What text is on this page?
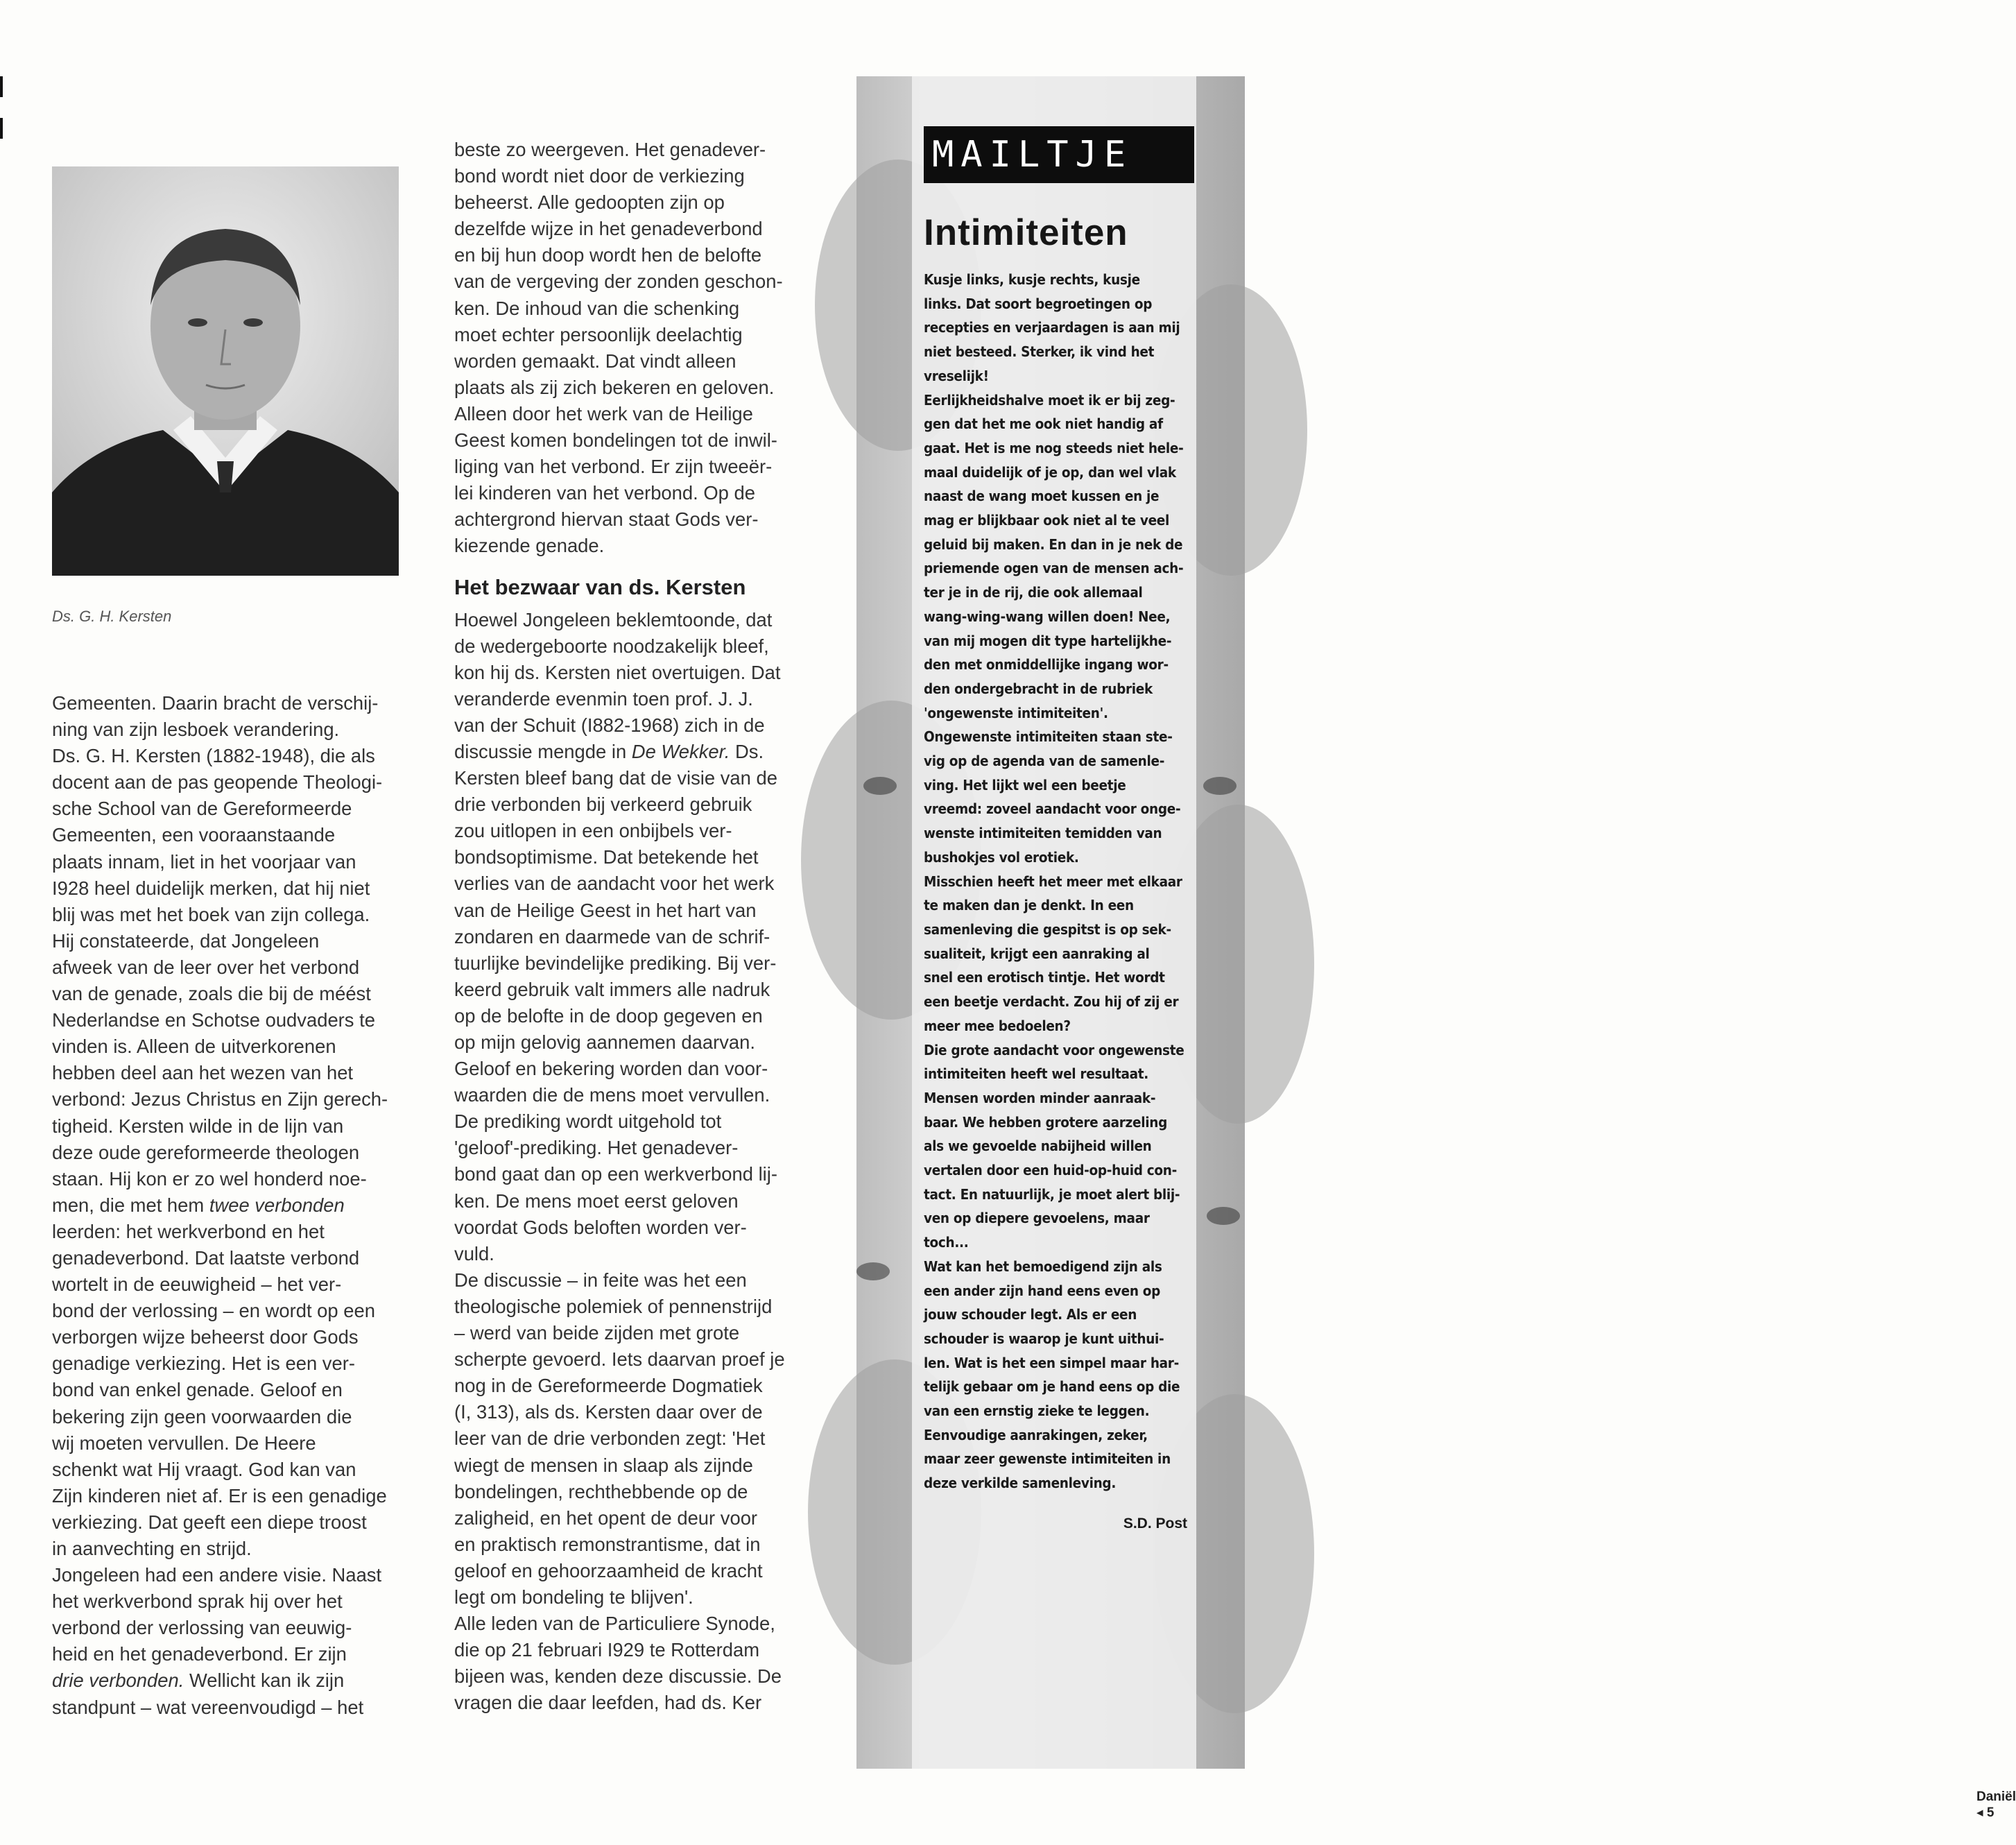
Ds. G. H. Kersten

Gemeenten. Daarin bracht de verschij-

ning van zijn lesboek verandering.

Ds. G. H. Kersten (1882-1948), die als

docent aan de pas geopende Theologi-

sche School van de Gereformeerde

Gemeenten, een vooraanstaande

plaats innam, liet in het voorjaar van

I928 heel duidelijk merken, dat hij niet

blij was met het boek van zijn collega.

Hij constateerde, dat Jongeleen

afweek van de leer over het verbond

van de genade, zoals die bij de méést

Nederlandse en Schotse oudvaders te

vinden is. Alleen de uitverkorenen

hebben deel aan het wezen van het

verbond: Jezus Christus en Zijn gerech-

tigheid. Kersten wilde in de lijn van

deze oude gereformeerde theologen

staan. Hij kon er zo wel honderd noe-

men, die met hem twee verbonden

leerden: het werkverbond en het

genadeverbond. Dat laatste verbond

wortelt in de eeuwigheid – het ver-

bond der verlossing – en wordt op een

verborgen wijze beheerst door Gods

genadige verkiezing. Het is een ver-

bond van enkel genade. Geloof en

bekering zijn geen voorwaarden die

wij moeten vervullen. De Heere

schenkt wat Hij vraagt. God kan van

Zijn kinderen niet af. Er is een genadige

verkiezing. Dat geeft een diepe troost

in aanvechting en strijd.

Jongeleen had een andere visie. Naast

het werkverbond sprak hij over het

verbond der verlossing van eeuwig-

heid en het genadeverbond. Er zijn

drie verbonden. Wellicht kan ik zijn

standpunt – wat vereenvoudigd – het

beste zo weergeven. Het genadever-

bond wordt niet door de verkiezing

beheerst. Alle gedoopten zijn op

dezelfde wijze in het genadeverbond

en bij hun doop wordt hen de belofte

van de vergeving der zonden geschon-

ken. De inhoud van die schenking

moet echter persoonlijk deelachtig

worden gemaakt. Dat vindt alleen

plaats als zij zich bekeren en geloven.

Alleen door het werk van de Heilige

Geest komen bondelingen tot de inwil-

liging van het verbond. Er zijn tweeër-

lei kinderen van het verbond. Op de

achtergrond hiervan staat Gods ver-

kiezende genade.

Het bezwaar van ds. Kersten

Hoewel Jongeleen beklemtoonde, dat

de wedergeboorte noodzakelijk bleef,

kon hij ds. Kersten niet overtuigen. Dat

veranderde evenmin toen prof. J. J.

van der Schuit (I882-1968) zich in de

discussie mengde in De Wekker. Ds.

Kersten bleef bang dat de visie van de

drie verbonden bij verkeerd gebruik

zou uitlopen in een onbijbels ver-

bondsoptimisme. Dat betekende het

verlies van de aandacht voor het werk

van de Heilige Geest in het hart van

zondaren en daarmede van de schrif-

tuurlijke bevindelijke prediking. Bij ver-

keerd gebruik valt immers alle nadruk

op de belofte in de doop gegeven en

op mijn gelovig aannemen daarvan.

Geloof en bekering worden dan voor-

waarden die de mens moet vervullen.

De prediking wordt uitgehold tot

'geloof'-prediking. Het genadever-

bond gaat dan op een werkverbond lij-

ken. De mens moet eerst geloven

voordat Gods beloften worden ver-

vuld.

De discussie – in feite was het een

theologische polemiek of pennenstrijd

– werd van beide zijden met grote

scherpte gevoerd. Iets daarvan proef je

nog in de Gereformeerde Dogmatiek

(I, 313), als ds. Kersten daar over de

leer van de drie verbonden zegt: 'Het

wiegt de mensen in slaap als zijnde

bondelingen, rechthebbende op de

zaligheid, en het opent de deur voor

en praktisch remonstrantisme, dat in

geloof en gehoorzaamheid de kracht

legt om bondeling te blijven'.

Alle leden van de Particuliere Synode,

die op 21 februari I929 te Rotterdam

bijeen was, kenden deze discussie. De

vragen die daar leefden, had ds. Ker

MAILTJE
Intimiteiten

Kusje links, kusje rechts, kusje

links. Dat soort begroetingen op

recepties en verjaardagen is aan mij

niet besteed. Sterker, ik vind het

vreselijk!

Eerlijkheidshalve moet ik er bij zeg-

gen dat het me ook niet handig af

gaat. Het is me nog steeds niet hele-

maal duidelijk of je op, dan wel vlak

naast de wang moet kussen en je

mag er blijkbaar ook niet al te veel

geluid bij maken. En dan in je nek de

priemende ogen van de mensen ach-

ter je in de rij, die ook allemaal

wang-wing-wang willen doen! Nee,

van mij mogen dit type hartelijkhe-

den met onmiddellijke ingang wor-

den ondergebracht in de rubriek

'ongewenste intimiteiten'.

Ongewenste intimiteiten staan ste-

vig op de agenda van de samenle-

ving. Het lijkt wel een beetje

vreemd: zoveel aandacht voor onge-

wenste intimiteiten temidden van

bushokjes vol erotiek.

Misschien heeft het meer met elkaar

te maken dan je denkt. In een

samenleving die gespitst is op sek-

sualiteit, krijgt een aanraking al

snel een erotisch tintje. Het wordt

een beetje verdacht. Zou hij of zij er

meer mee bedoelen?

Die grote aandacht voor ongewenste

intimiteiten heeft wel resultaat.

Mensen worden minder aanraak-

baar. We hebben grotere aarzeling

als we gevoelde nabijheid willen

vertalen door een huid-op-huid con-

tact. En natuurlijk, je moet alert blij-

ven op diepere gevoelens, maar

toch...

Wat kan het bemoedigend zijn als

een ander zijn hand eens even op

jouw schouder legt. Als er een

schouder is waarop je kunt uithui-

len. Wat is het een simpel maar har-

telijk gebaar om je hand eens op die

van een ernstig zieke te leggen.

Eenvoudige aanrakingen, zeker,

maar zeer gewenste intimiteiten in

deze verkilde samenleving.

S.D. Post
Daniël ◂ 5
